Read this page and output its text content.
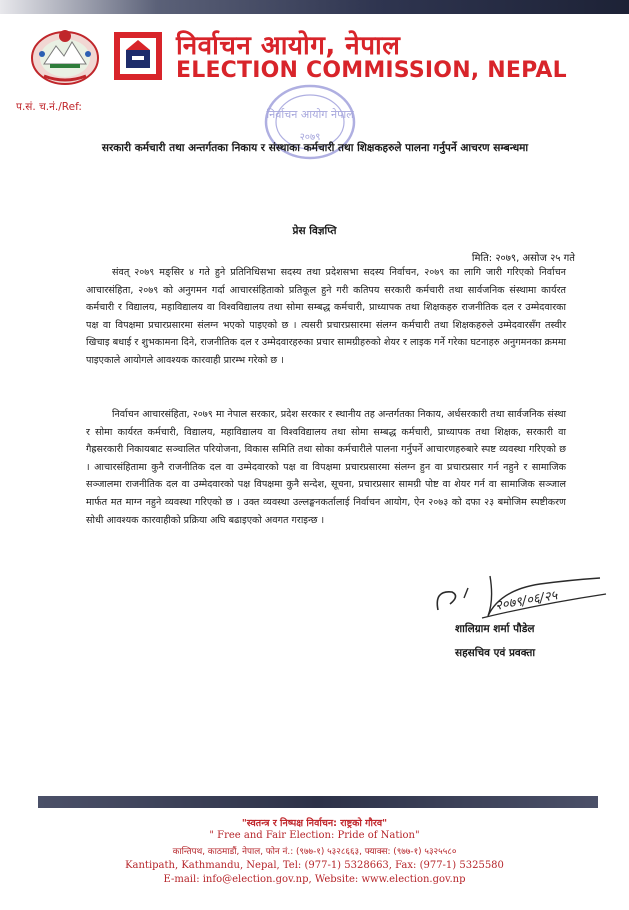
निर्वाचन आयोग, नेपाल
ELECTION COMMISSION, NEPAL
प.सं. च.नं./Ref:
निर्वाचन आयोग नेपाल
२०७९
सरकारी कर्मचारी तथा अन्तर्गतका निकाय र संस्थाका कर्मचारी तथा शिक्षकहरुले पालना गर्नुपर्ने आचरण सम्बन्धमा
प्रेस विज्ञप्ति
मिति: २०७९, असोज २५ गते

संवत् २०७९ मङ्सिर ४ गते हुने प्रतिनिधिसभा सदस्य तथा प्रदेशसभा सदस्य निर्वाचन, २०७९ का लागि जारी गरिएको निर्वाचन आचारसंहिता, २०७९ को अनुगमन गर्दा आचारसंहिताको प्रतिकूल हुने गरी कतिपय सरकारी कर्मचारी तथा सार्वजनिक संस्थामा कार्यरत कर्मचारी र विद्यालय, महाविद्यालय वा विश्वविद्यालय तथा सोमा सम्बद्ध कर्मचारी, प्राध्यापक तथा शिक्षकहरु राजनीतिक दल र उम्मेदवारका पक्ष वा विपक्षमा प्रचारप्रसारमा संलग्न भएको पाइएको छ । त्यसरी प्रचारप्रसारमा संलग्न कर्मचारी तथा शिक्षकहरुले उम्मेदवारसँग तस्वीर खिचाइ बधाई र शुभकामना दिने, राजनीतिक दल र उम्मेदवारहरुका प्रचार सामग्रीहरुको शेयर र लाइक गर्ने गरेका घटनाहरु अनुगमनका क्रममा पाइएकाले आयोगले आवश्यक कारवाही प्रारम्भ गरेको छ ।

निर्वाचन आचारसंहिता, २०७९ मा नेपाल सरकार, प्रदेश सरकार र स्थानीय तह अन्तर्गतका निकाय, अर्धसरकारी तथा सार्वजनिक संस्था र सोमा कार्यरत कर्मचारी, विद्यालय, महाविद्यालय वा विश्वविद्यालय तथा सोमा सम्बद्ध कर्मचारी, प्राध्यापक तथा शिक्षक, सरकारी वा गैह्रसरकारी निकायबाट सञ्चालित परियोजना, विकास समिति तथा सोका कर्मचारीले पालना गर्नुपर्ने आचारणहरुबारे स्पष्ट व्यवस्था गरिएको छ । आचारसंहितामा कुनै राजनीतिक दल वा उम्मेदवारको पक्ष वा विपक्षमा प्रचारप्रसारमा संलग्न हुन वा प्रचारप्रसार गर्न नहुने र सामाजिक सञ्जालमा राजनीतिक दल वा उम्मेदवारको पक्ष विपक्षमा कुनै सन्देश, सूचना, प्रचारप्रसार सामग्री पोष्ट वा शेयर गर्न वा सामाजिक सञ्जाल मार्फत मत माग्न नहुने व्यवस्था गरिएको छ । उक्त व्यवस्था उल्लङ्घनकर्तालाई निर्वाचन आयोग, ऐन २०७३ को दफा २३ बमोजिम स्पष्टीकरण सोधी आवश्यक कारवाहीको प्रक्रिया अघि बढाइएको अवगत गराइन्छ ।

२०७९/०६/२५
शालिग्राम शर्मा पौडेल
सहसचिव एवं प्रवक्ता
"स्वतन्त्र र निष्पक्ष निर्वाचन: राष्ट्रको गौरव"
" Free and Fair Election: Pride of Nation"
कान्तिपथ, काठमाडौं, नेपाल, फोन नं.: (९७७-१) ५३२८६६३, फ्याक्स: (९७७-१) ५३२५५८०
Kantipath, Kathmandu, Nepal, Tel: (977-1) 5328663, Fax: (977-1) 5325580
E-mail: info@election.gov.np, Website: www.election.gov.np
